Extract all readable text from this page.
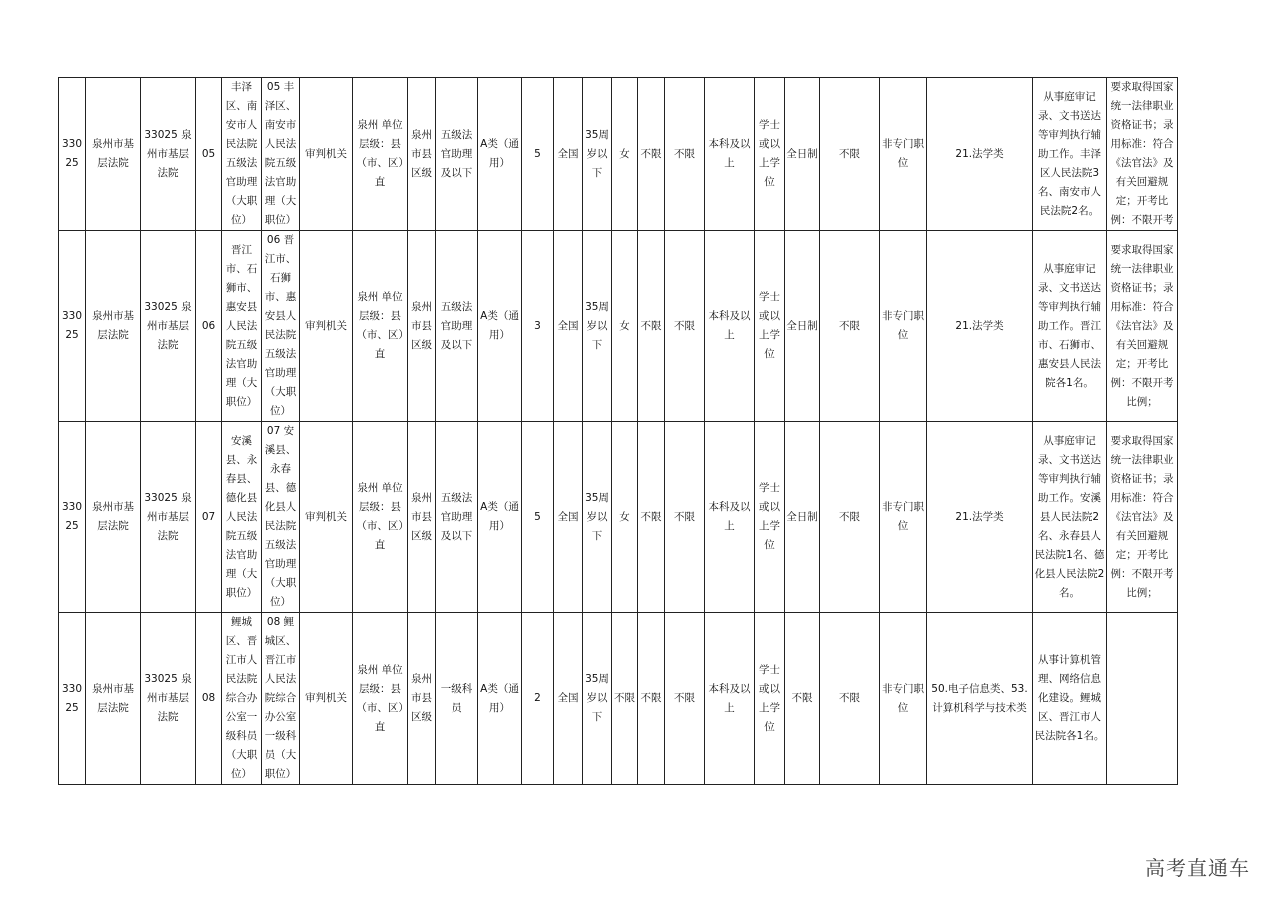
33025	泉州市基层法院	33025 泉州市基层法院	05	丰泽区、南安市人民法院五级法官助理（大职位）	05 丰泽区、南安市人民法院五级法官助理（大职位）	审判机关	泉州 单位层级：县（市、区）直	泉州市县区级	五级法官助理及以下	A类（通用）	5	全国	35周岁以下	女	不限	不限	本科及以上	学士或以上学位	全日制	不限	非专门职位	21.法学类	从事庭审记录、文书送达等审判执行辅助工作。丰泽区人民法院3名、南安市人民法院2名。	要求取得国家统一法律职业资格证书；录用标准：符合《法官法》及有关回避规定；开考比例：不限开考
33025	泉州市基层法院	33025 泉州市基层法院	06	晋江市、石狮市、惠安县人民法院五级法官助理（大职位）	06 晋江市、石狮市、惠安县人民法院五级法官助理（大职位）	审判机关	泉州 单位层级：县（市、区）直	泉州市县区级	五级法官助理及以下	A类（通用）	3	全国	35周岁以下	女	不限	不限	本科及以上	学士或以上学位	全日制	不限	非专门职位	21.法学类	从事庭审记录、文书送达等审判执行辅助工作。晋江市、石狮市、惠安县人民法院各1名。	要求取得国家统一法律职业资格证书；录用标准：符合《法官法》及有关回避规定；开考比例：不限开考比例；
33025	泉州市基层法院	33025 泉州市基层法院	07	安溪县、永春县、德化县人民法院五级法官助理（大职位）	07 安溪县、永春县、德化县人民法院五级法官助理（大职位）	审判机关	泉州 单位层级：县（市、区）直	泉州市县区级	五级法官助理及以下	A类（通用）	5	全国	35周岁以下	女	不限	不限	本科及以上	学士或以上学位	全日制	不限	非专门职位	21.法学类	从事庭审记录、文书送达等审判执行辅助工作。安溪县人民法院2名、永春县人民法院1名、德化县人民法院2名。	要求取得国家统一法律职业资格证书；录用标准：符合《法官法》及有关回避规定；开考比例：不限开考比例；
33025	泉州市基层法院	33025 泉州市基层法院	08	鲤城区、晋江市人民法院综合办公室一级科员（大职位）	08 鲤城区、晋江市人民法院综合办公室一级科员（大职位）	审判机关	泉州 单位层级：县（市、区）直	泉州市县区级	一级科员	A类（通用）	2	全国	35周岁以下	不限	不限	不限	本科及以上	学士或以上学位	不限	不限	非专门职位	50.电子信息类、53.计算机科学与技术类	从事计算机管理、网络信息化建设。鲤城区、晋江市人民法院各1名。	
高考直通车
